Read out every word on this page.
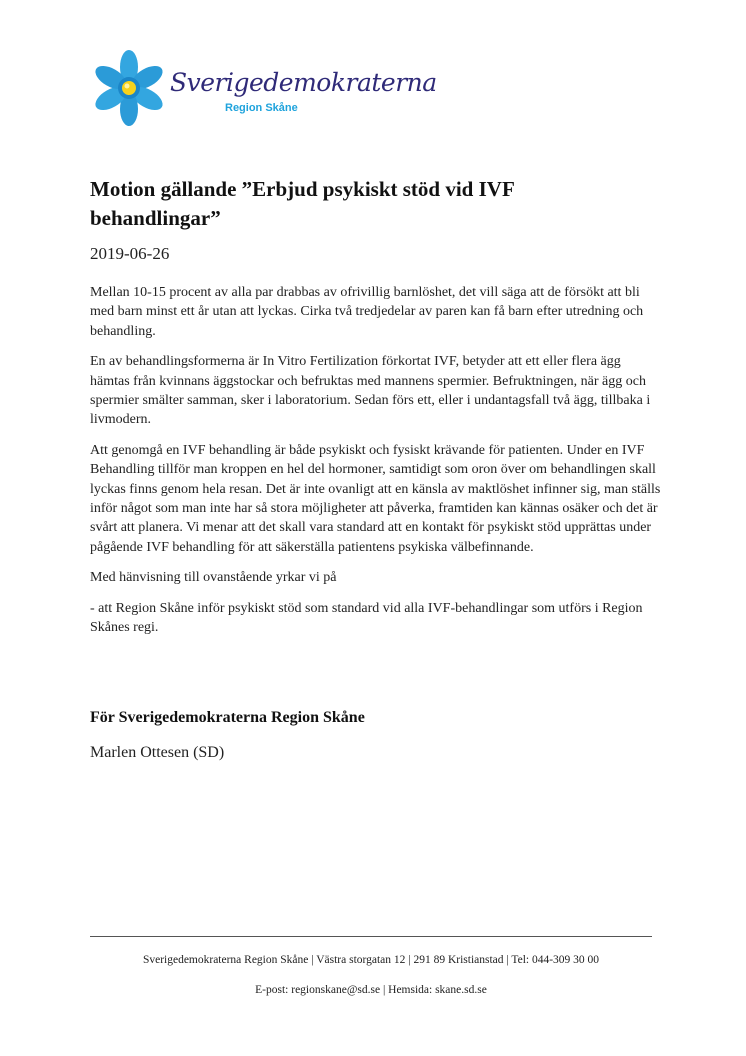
Sverigedemokraterna
Region Skåne
Motion gällande ”Erbjud psykiskt stöd vid IVF behandlingar”
2019-06-26

Mellan 10-15 procent av alla par drabbas av ofrivillig barnlöshet, det vill säga att de försökt att bli med barn minst ett år utan att lyckas. Cirka två tredjedelar av paren kan få barn efter utredning och behandling.

En av behandlingsformerna är In Vitro Fertilization förkortat IVF, betyder att ett eller flera ägg hämtas från kvinnans äggstockar och befruktas med mannens spermier. Befruktningen, när ägg och spermier smälter samman, sker i laboratorium. Sedan förs ett, eller i undantagsfall två ägg, tillbaka i livmodern.

Att genomgå en IVF behandling är både psykiskt och fysiskt krävande för patienten. Under en IVF Behandling tillför man kroppen en hel del hormoner, samtidigt som oron över om behandlingen skall lyckas finns genom hela resan. Det är inte ovanligt att en känsla av maktlöshet infinner sig, man ställs inför något som man inte har så stora möjligheter att påverka, framtiden kan kännas osäker och det är svårt att planera. Vi menar att det skall vara standard att en kontakt för psykiskt stöd upprättas under pågående IVF behandling för att säkerställa patientens psykiska välbefinnande.

Med hänvisning till ovanstående yrkar vi på

- att Region Skåne inför psykiskt stöd som standard vid alla IVF-behandlingar som utförs i Region Skånes regi.

För Sverigedemokraterna Region Skåne
Marlen Ottesen (SD)
Sverigedemokraterna Region Skåne | Västra storgatan 12 | 291 89 Kristianstad | Tel: 044-309 30 00
E-post: regionskane@sd.se | Hemsida: skane.sd.se
